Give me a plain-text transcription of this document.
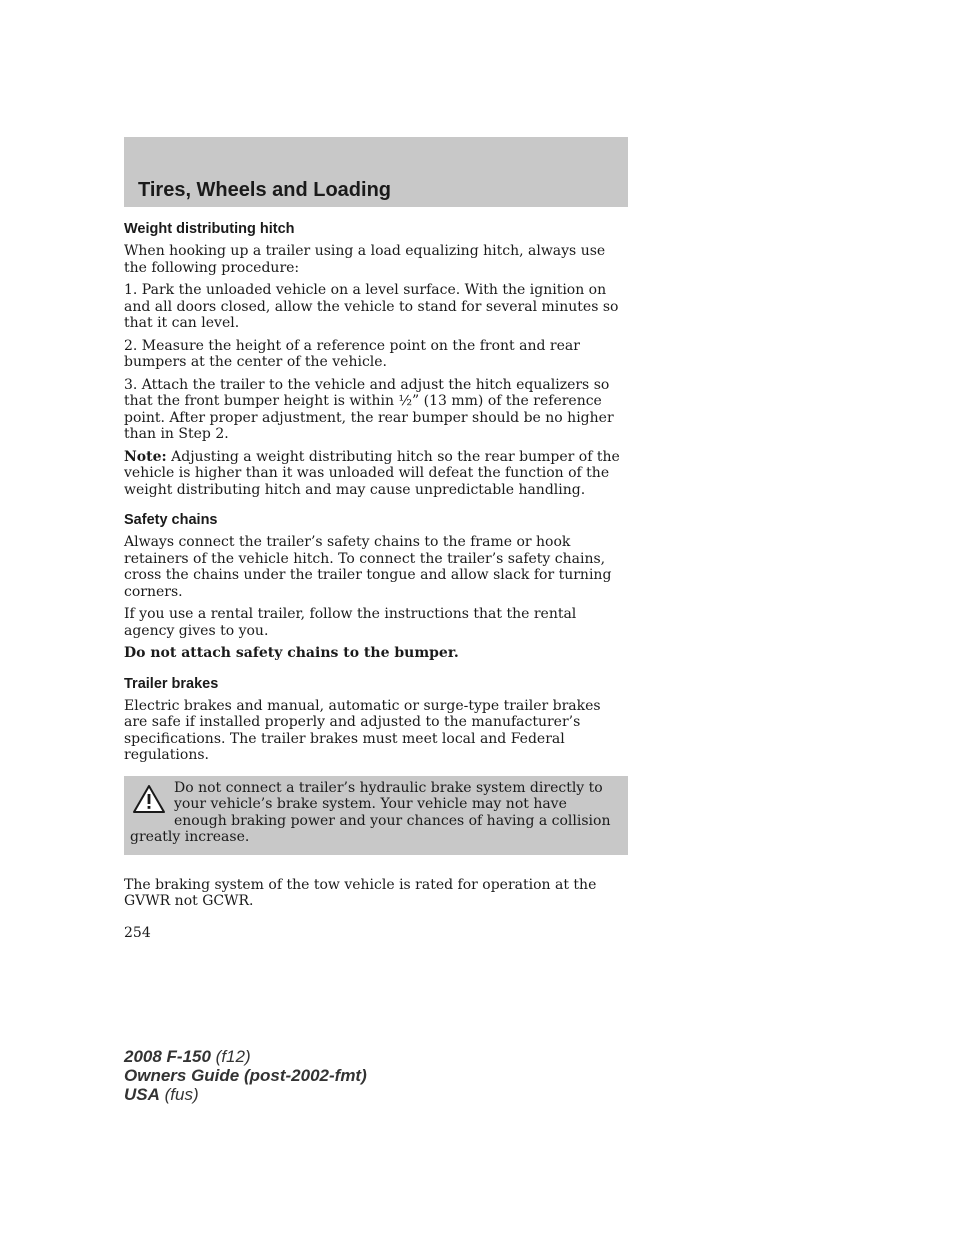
Tires, Wheels and Loading
Weight distributing hitch

When hooking up a trailer using a load equalizing hitch, always use the following procedure:

1. Park the unloaded vehicle on a level surface. With the ignition on and all doors closed, allow the vehicle to stand for several minutes so that it can level.

2. Measure the height of a reference point on the front and rear bumpers at the center of the vehicle.

3. Attach the trailer to the vehicle and adjust the hitch equalizers so that the front bumper height is within ½” (13 mm) of the reference point. After proper adjustment, the rear bumper should be no higher than in Step 2.

Note: Adjusting a weight distributing hitch so the rear bumper of the vehicle is higher than it was unloaded will defeat the function of the weight distributing hitch and may cause unpredictable handling.

Safety chains

Always connect the trailer’s safety chains to the frame or hook retainers of the vehicle hitch. To connect the trailer’s safety chains, cross the chains under the trailer tongue and allow slack for turning corners.

If you use a rental trailer, follow the instructions that the rental agency gives to you.

Do not attach safety chains to the bumper.

Trailer brakes

Electric brakes and manual, automatic or surge-type trailer brakes are safe if installed properly and adjusted to the manufacturer’s specifications. The trailer brakes must meet local and Federal regulations.

Do not connect a trailer’s hydraulic brake system directly to your vehicle’s brake system. Your vehicle may not have enough braking power and your chances of having a collision greatly increase.

The braking system of the tow vehicle is rated for operation at the GVWR not GCWR.

254
2008 F-150 (f12)
Owners Guide (post-2002-fmt)
USA (fus)
